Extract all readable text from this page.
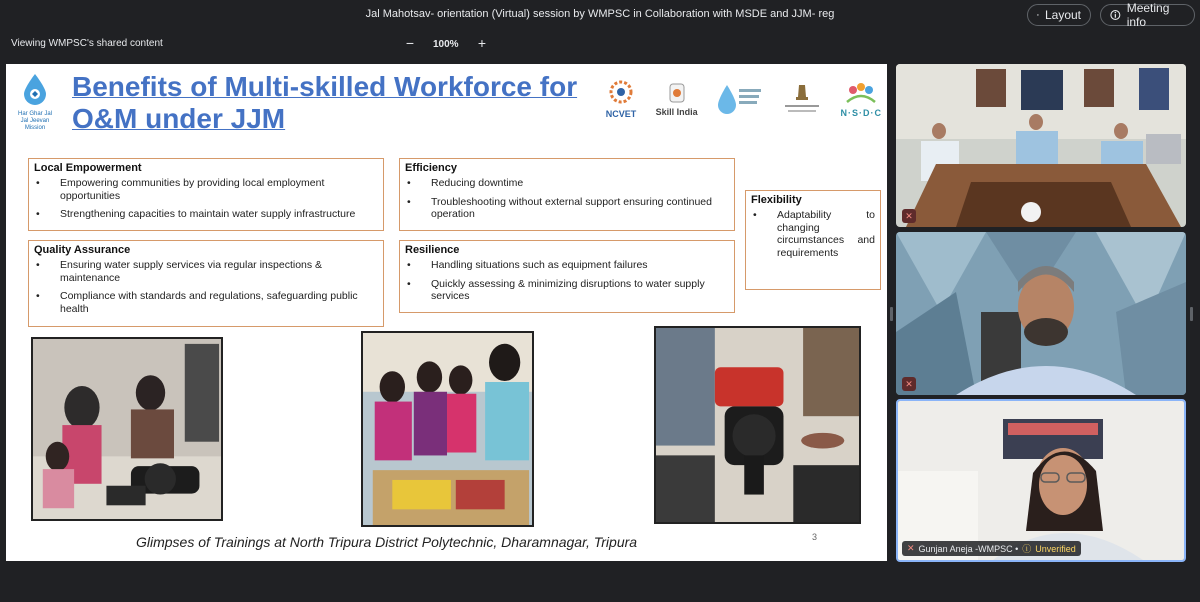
Jal Mahotsav- orientation (Virtual) session by WMPSC in Collaboration with MSDE and JJM- reg	Layout	Meeting info
Viewing WMPSC's shared content	− 100% +
Har Ghar Jal
Jal Jeevan Mission
Benefits of Multi-skilled Workforce for O&M under JJM	NCVET Skill India	N·S·D·C
Local Empowerment
• Empowering communities by providing local employment opportunities
• Strengthening capacities to maintain water supply infrastructure
Efficiency
• Reducing downtime
• Troubleshooting without external support ensuring continued operation
Quality Assurance
• Ensuring water supply services via regular inspections & maintenance
• Compliance with standards and regulations, safeguarding public health
Resilience
• Handling situations such as equipment failures
• Quickly assessing & minimizing disruptions to water supply services
Flexibility
• Adaptability to changing circumstances and requirements
Glimpses of Trainings at North Tripura District Polytechnic, Dharamnagar, Tripura	3
✕
✕
✕ Gunjan Aneja -WMPSC • ⓘ Unverified
